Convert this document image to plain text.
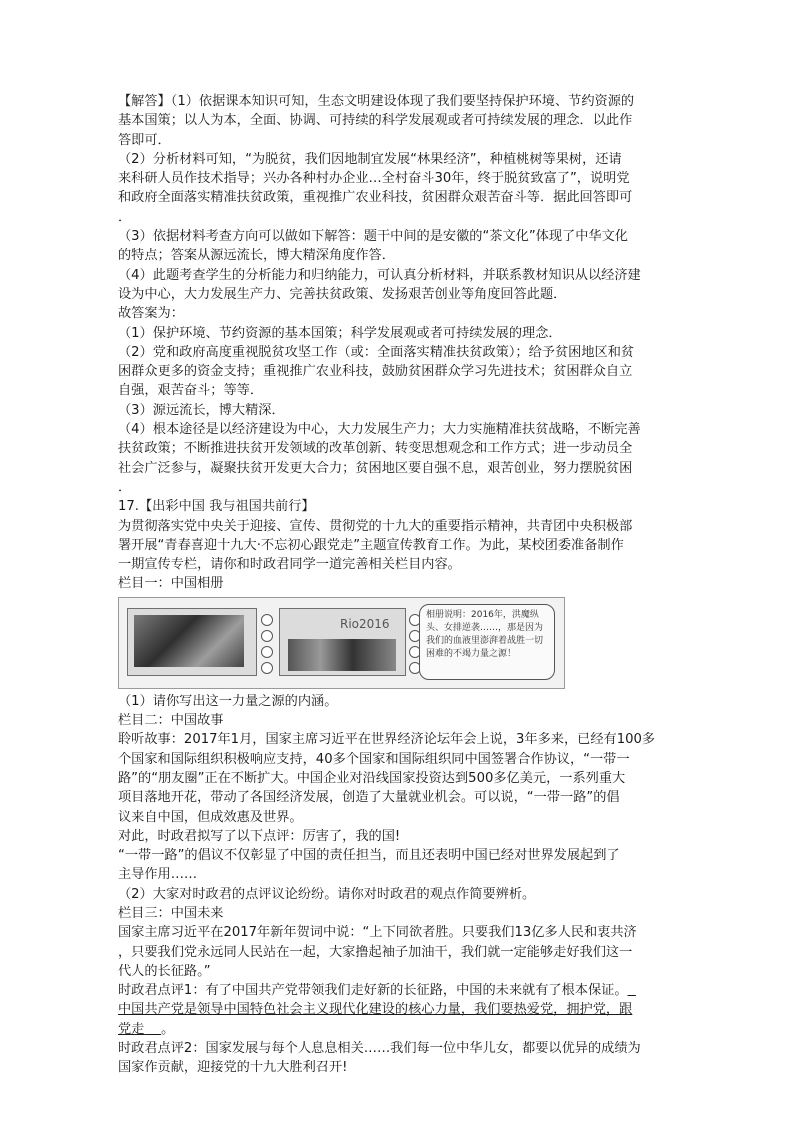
【解答】（1）依据课本知识可知，生态文明建设体现了我们要坚持保护环境、节约资源的

基本国策；以人为本，全面、协调、可持续的科学发展观或者可持续发展的理念．以此作

答即可．

（2）分析材料可知，“为脱贫，我们因地制宜发展“林果经济”，种植桃树等果树，还请

来科研人员作技术指导；兴办各种村办企业…全村奋斗30年，终于脱贫致富了”，说明党

和政府全面落实精准扶贫政策，重视推广农业科技，贫困群众艰苦奋斗等．据此回答即可

．

（3）依据材料考查方向可以做如下解答：题干中间的是安徽的“茶文化”体现了中华文化

的特点；答案从源远流长，博大精深角度作答．

（4）此题考查学生的分析能力和归纳能力，可认真分析材料，并联系教材知识从以经济建

设为中心，大力发展生产力、完善扶贫政策、发扬艰苦创业等角度回答此题．

故答案为：

（1）保护环境、节约资源的基本国策；科学发展观或者可持续发展的理念．

（2）党和政府高度重视脱贫攻坚工作（或：全面落实精准扶贫政策）；给予贫困地区和贫

困群众更多的资金支持；重视推广农业科技，鼓励贫困群众学习先进技术；贫困群众自立

自强，艰苦奋斗；等等．

（3）源远流长，博大精深．

（4）根本途径是以经济建设为中心，大力发展生产力；大力实施精准扶贫战略，不断完善

扶贫政策；不断推进扶贫开发领域的改革创新、转变思想观念和工作方式；进一步动员全

社会广泛参与，凝聚扶贫开发更大合力；贫困地区要自强不息，艰苦创业，努力摆脱贫困

．

17.【出彩中国 我与祖国共前行】

为贯彻落实党中央关于迎接、宣传、贯彻党的十九大的重要指示精神，共青团中央积极部

署开展“青春喜迎十九大·不忘初心跟党走”主题宣传教育工作。为此，某校团委准备制作

一期宣传专栏，请你和时政君同学一道完善相关栏目内容。

栏目一：中国相册

Rio2016
相册说明：2016年，洪魔纵头、女排逆袭……，那是因为我们的血液里澎湃着战胜一切困难的不竭力量之源！

（1）请你写出这一力量之源的内涵。

栏目二：中国故事

聆听故事：2017年1月，国家主席习近平在世界经济论坛年会上说，3年多来，已经有100多

个国家和国际组织积极响应支持，40多个国家和国际组织同中国签署合作协议，“一带一

路”的“朋友圈”正在不断扩大。中国企业对沿线国家投资达到500多亿美元，一系列重大

项目落地开花，带动了各国经济发展，创造了大量就业机会。可以说，“一带一路”的倡

议来自中国，但成效惠及世界。

对此，时政君拟写了以下点评：厉害了，我的国!

“一带一路”的倡议不仅彰显了中国的责任担当，而且还表明中国已经对世界发展起到了

主导作用……

（2）大家对时政君的点评议论纷纷。请你对时政君的观点作简要辨析。

栏目三：中国未来

国家主席习近平在2017年新年贺词中说：“上下同欲者胜。只要我们13亿多人民和衷共济

，只要我们党永远同人民站在一起，大家撸起袖子加油干，我们就一定能够走好我们这一

代人的长征路。”

时政君点评1：有了中国共产党带领我们走好新的长征路，中国的未来就有了根本保证。

中国共产党是领导中国特色社会主义现代化建设的核心力量，我们要热爱党，拥护党，跟

党走 。

时政君点评2：国家发展与每个人息息相关……我们每一位中华儿女，都要以优异的成绩为

国家作贡献，迎接党的十九大胜利召开!
